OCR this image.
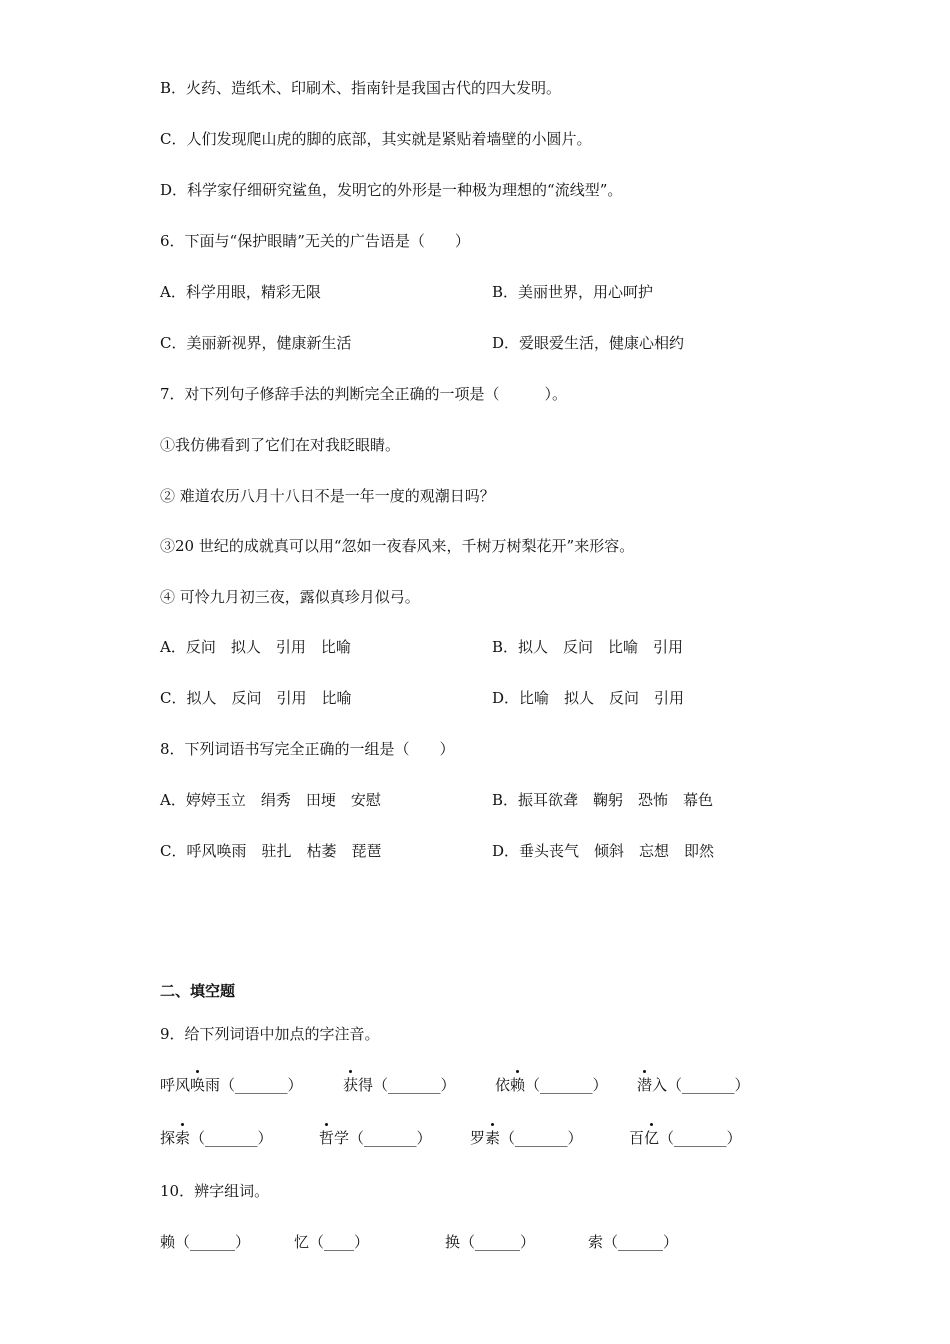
B．火药、造纸术、印刷术、指南针是我国古代的四大发明。
C．人们发现爬山虎的脚的底部，其实就是紧贴着墙壁的小圆片。
D．科学家仔细研究鲨鱼，发明它的外形是一种极为理想的“流线型”。
6．下面与“保护眼睛”无关的广告语是（　　）
A．科学用眼，精彩无限	B．美丽世界，用心呵护
C．美丽新视界，健康新生活	D．爱眼爱生活，健康心相约
7．对下列句子修辞手法的判断完全正确的一项是（　　　）。
①我仿佛看到了它们在对我眨眼睛。
② 难道农历八月十八日不是一年一度的观潮日吗？
③20 世纪的成就真可以用“忽如一夜春风来，千树万树梨花开”来形容。
④ 可怜九月初三夜，露似真珍月似弓。
A．反问　拟人　引用　比喻	B．拟人　反问　比喻　引用
C．拟人　反问　引用　比喻	D．比喻　拟人　反问　引用
8．下列词语书写完全正确的一组是（　　）
A．婷婷玉立　绢秀　田埂　安慰	B．振耳欲聋　鞠躬　恐怖　幕色
C．呼风唤雨　驻扎　枯萎　琵琶	D．垂头丧气　倾斜　忘想　即然
二、填空题
9．给下列词语中加点的字注音。
呼风唤雨（_______）	获得（_______）	依赖（_______） 潜入（_______）
探索（_______）	哲学（_______）	罗素（_______）	百亿（_______）
10．辨字组词。
赖（______）	忆（____）	换（______）	索（______）
